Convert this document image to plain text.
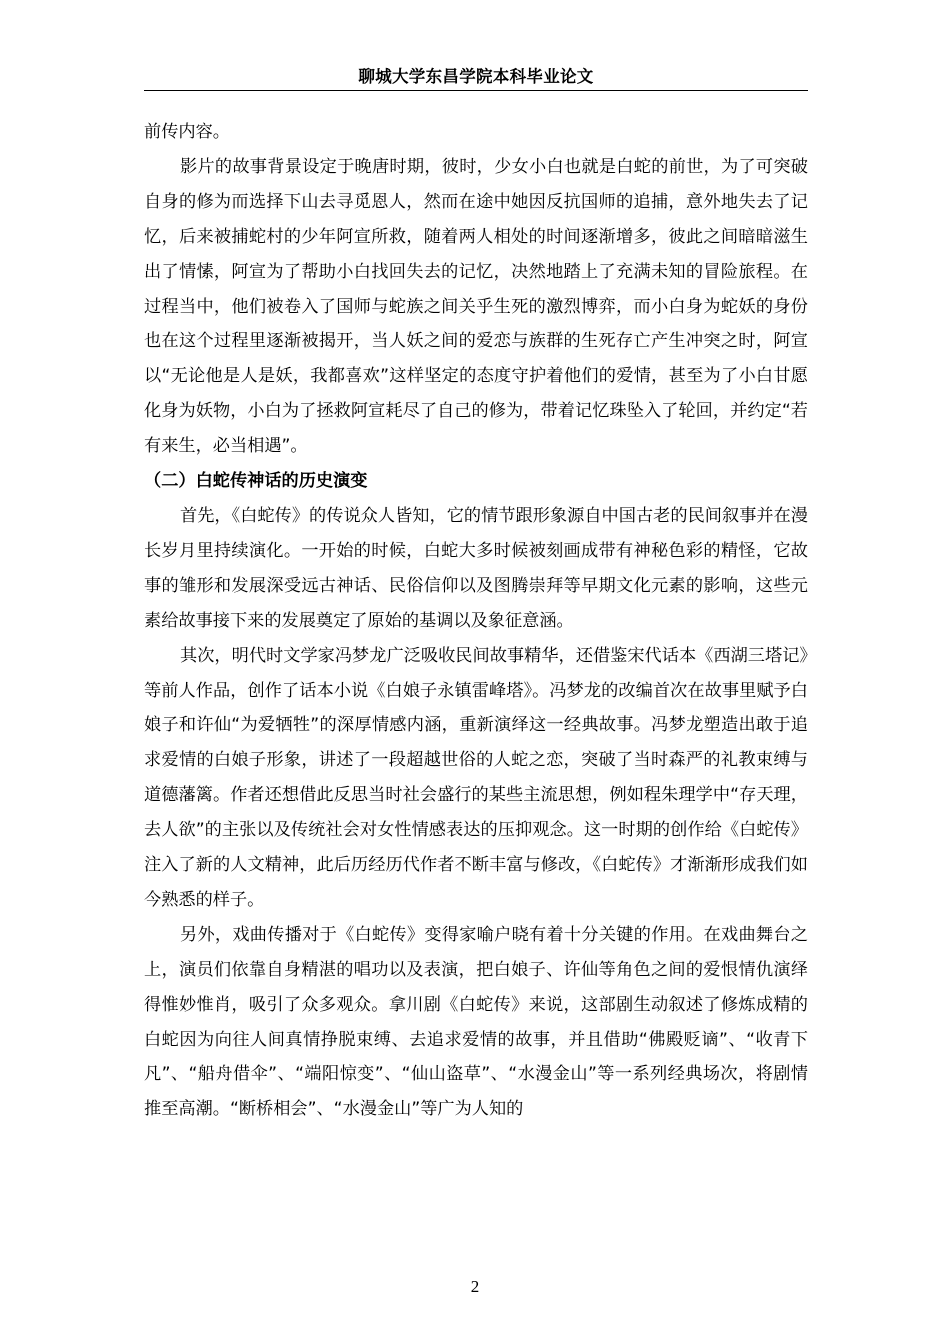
聊城大学东昌学院本科毕业论文

前传内容。

影片的故事背景设定于晚唐时期，彼时，少女小白也就是白蛇的前世，为了可突破自身的修为而选择下山去寻觅恩人，然而在途中她因反抗国师的追捕，意外地失去了记忆，后来被捕蛇村的少年阿宣所救，随着两人相处的时间逐渐增多，彼此之间暗暗滋生出了情愫，阿宣为了帮助小白找回失去的记忆，决然地踏上了充满未知的冒险旅程。在过程当中，他们被卷入了国师与蛇族之间关乎生死的激烈博弈，而小白身为蛇妖的身份也在这个过程里逐渐被揭开，当人妖之间的爱恋与族群的生死存亡产生冲突之时，阿宣以“无论他是人是妖，我都喜欢”这样坚定的态度守护着他们的爱情，甚至为了小白甘愿化身为妖物，小白为了拯救阿宣耗尽了自己的修为，带着记忆珠坠入了轮回，并约定“若有来生，必当相遇”。

（二）白蛇传神话的历史演变

首先，《白蛇传》的传说众人皆知，它的情节跟形象源自中国古老的民间叙事并在漫长岁月里持续演化。一开始的时候，白蛇大多时候被刻画成带有神秘色彩的精怪，它故事的雏形和发展深受远古神话、民俗信仰以及图腾崇拜等早期文化元素的影响，这些元素给故事接下来的发展奠定了原始的基调以及象征意涵。

其次，明代时文学家冯梦龙广泛吸收民间故事精华，还借鉴宋代话本《西湖三塔记》等前人作品，创作了话本小说《白娘子永镇雷峰塔》。冯梦龙的改编首次在故事里赋予白娘子和许仙“为爱牺牲”的深厚情感内涵，重新演绎这一经典故事。冯梦龙塑造出敢于追求爱情的白娘子形象，讲述了一段超越世俗的人蛇之恋，突破了当时森严的礼教束缚与道德藩篱。作者还想借此反思当时社会盛行的某些主流思想，例如程朱理学中“存天理，去人欲”的主张以及传统社会对女性情感表达的压抑观念。这一时期的创作给《白蛇传》注入了新的人文精神，此后历经历代作者不断丰富与修改，《白蛇传》才渐渐形成我们如今熟悉的样子。

另外，戏曲传播对于《白蛇传》变得家喻户晓有着十分关键的作用。在戏曲舞台之上，演员们依靠自身精湛的唱功以及表演，把白娘子、许仙等角色之间的爱恨情仇演绎得惟妙惟肖，吸引了众多观众。拿川剧《白蛇传》来说，这部剧生动叙述了修炼成精的白蛇因为向往人间真情挣脱束缚、去追求爱情的故事，并且借助“佛殿贬谪”、“收青下凡”、“船舟借伞”、“端阳惊变”、“仙山盗草”、“水漫金山”等一系列经典场次，将剧情推至高潮。“断桥相会”、“水漫金山”等广为人知的

2
